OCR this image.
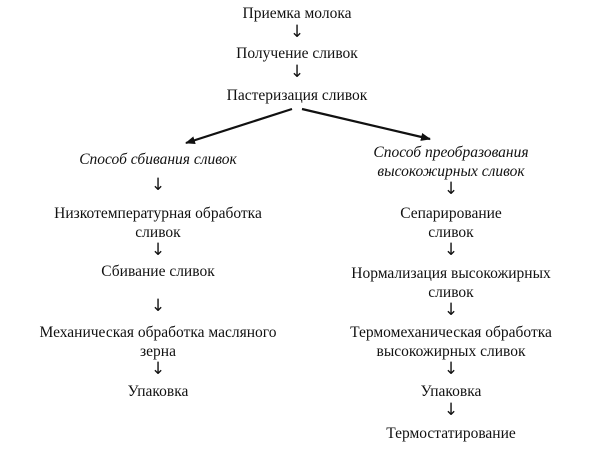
Приемка молока
↓
Получение сливок
↓
Пастеризация сливок
Способ сбивания сливок
↓
Низкотемпературная обработка
сливок
↓
Сбивание сливок
↓
Механическая обработка масляного
зерна
↓
Упаковка
Способ преобразования
высокожирных сливок
↓
Сепарирование
сливок
↓
Нормализация высокожирных
сливок
↓
Термомеханическая обработка
высокожирных сливок
↓
Упаковка
↓
Термостатирование
